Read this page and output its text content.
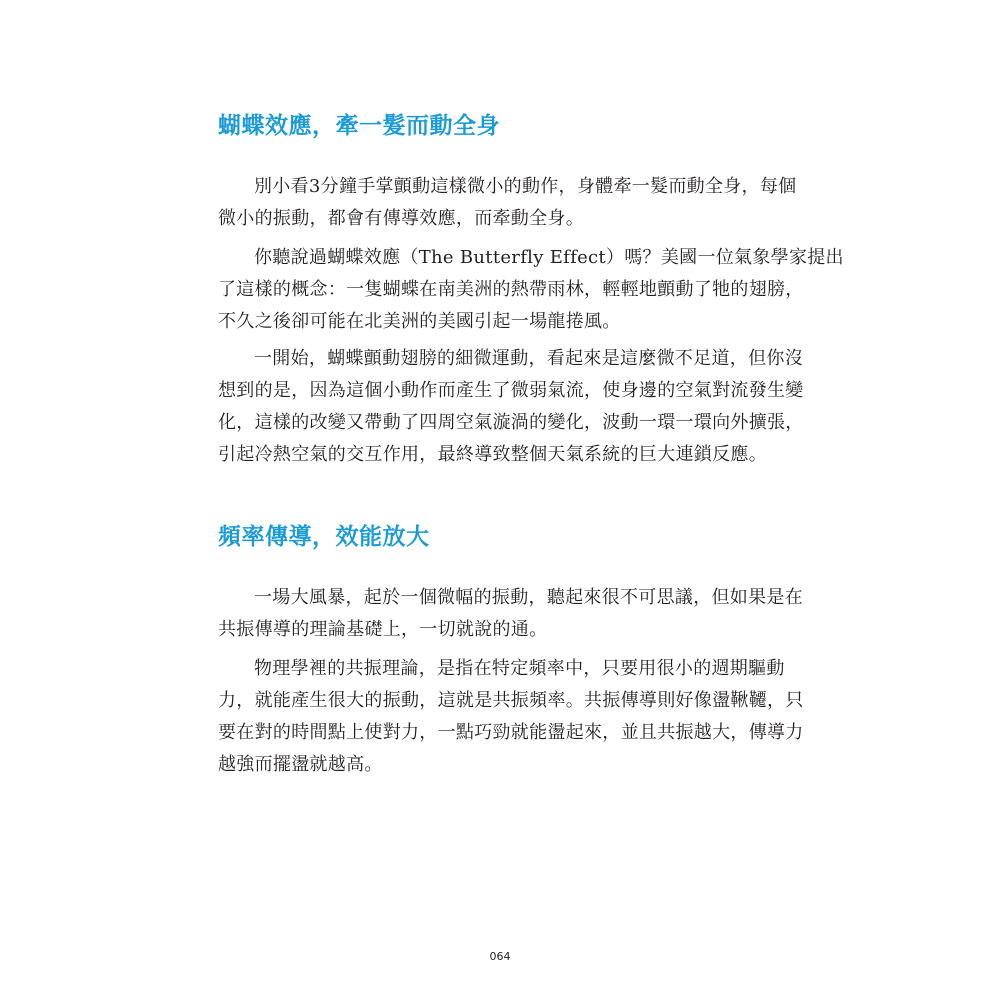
蝴蝶效應，牽一髮而動全身

別小看3分鐘手掌顫動這樣微小的動作，身體牽一髮而動全身，每個
微小的振動，都會有傳導效應，而牽動全身。

你聽說過蝴蝶效應（The Butterfly Effect）嗎？美國一位氣象學家提出
了這樣的概念：一隻蝴蝶在南美洲的熱帶雨林，輕輕地顫動了牠的翅膀，
不久之後卻可能在北美洲的美國引起一場龍捲風。

一開始，蝴蝶顫動翅膀的細微運動，看起來是這麼微不足道，但你沒
想到的是，因為這個小動作而產生了微弱氣流，使身邊的空氣對流發生變
化，這樣的改變又帶動了四周空氣漩渦的變化，波動一環一環向外擴張，
引起冷熱空氣的交互作用，最終導致整個天氣系統的巨大連鎖反應。

頻率傳導，效能放大

一場大風暴，起於一個微幅的振動，聽起來很不可思議，但如果是在
共振傳導的理論基礎上，一切就說的通。

物理學裡的共振理論，是指在特定頻率中，只要用很小的週期驅動
力，就能產生很大的振動，這就是共振頻率。共振傳導則好像盪鞦韆，只
要在對的時間點上使對力，一點巧勁就能盪起來，並且共振越大，傳導力
越強而擺盪就越高。

064
